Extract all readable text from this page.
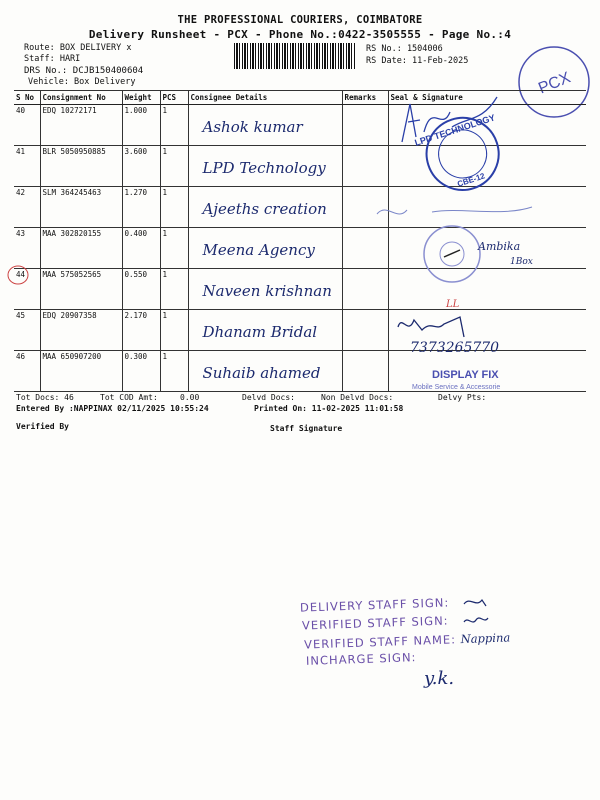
THE PROFESSIONAL COURIERS, COIMBATORE
Delivery Runsheet - PCX - Phone No.:0422-3505555 - Page No.:4
Route: BOX DELIVERY x
Staff: HARI
DRS No.: DCJB150400604
Vehicle: Box Delivery
RS No.: 1504006
RS Date: 11-Feb-2025
PCX
S No	Consignment No	Weight	PCS	Consignee Details	Remarks	Seal & Signature
40	EDQ 10272171	1.000	1	Ashok kumar		

41	BLR 5050950885	3.600	1	LPD Technology		

42	SLM 364245463	1.270	1	Ajeeths creation		

43	MAA 302820155	0.400	1	Meena Agency		

44	MAA 575052565	0.550	1	Naveen krishnan		

45	EDQ 20907358	2.170	1	Dhanam Bridal		

46	MAA 650907200	0.300	1	Suhaib ahamed		

LPD TECHNOLOGY
CBE-12
Ambika
1Box
LL
7373265770
DISPLAY FIX
Mobile Service & Accessorie
Tot Docs: 46	Tot COD Amt:	0.00	Delvd Docs:	Non Delvd Docs:	Delvy Pts:
Entered By :NAPPINAX 02/11/2025 10:55:24	Printed On: 11-02-2025 11:01:58
Verified By	Staff Signature
DELIVERY STAFF SIGN:
VERIFIED STAFF SIGN:
VERIFIED STAFF NAME: Nappina
INCHARGE SIGN:
y.k.
